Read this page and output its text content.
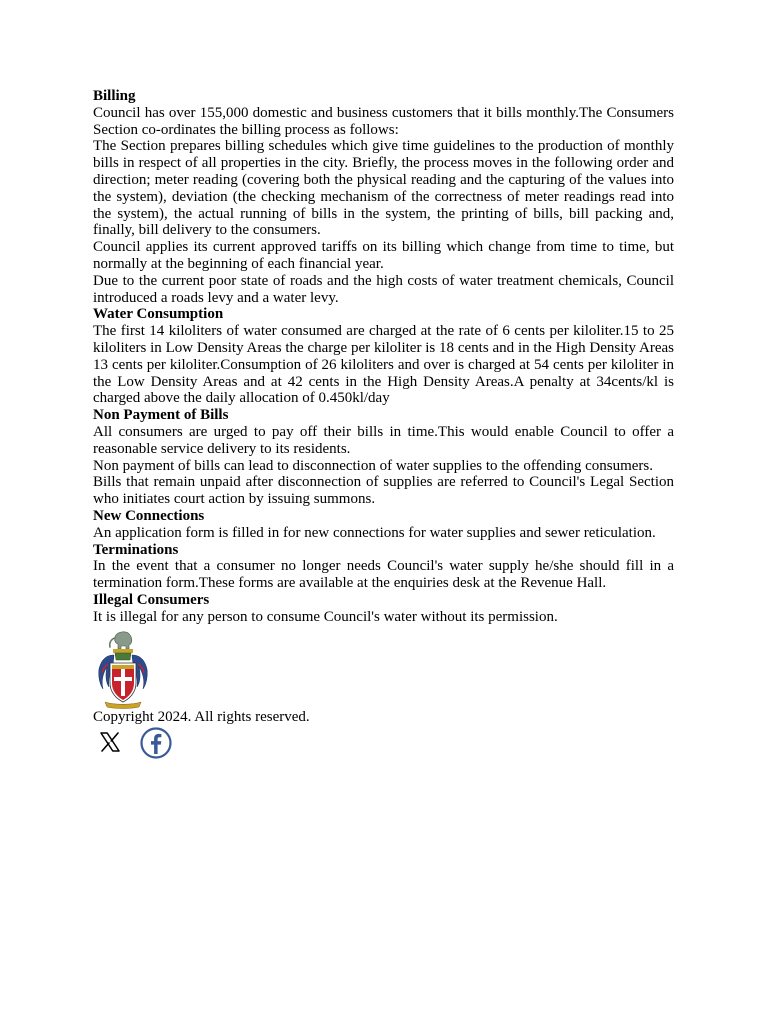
Billing
Council has over 155,000 domestic and business customers that it bills monthly.The Consumers Section co-ordinates the billing process as follows:
The Section prepares billing schedules which give time guidelines to the production of monthly bills in respect of all properties in the city. Briefly, the process moves in the following order and direction; meter reading (covering both the physical reading and the capturing of the values into the system), deviation (the checking mechanism of the correctness of meter readings read into the system), the actual running of bills in the system, the printing of bills, bill packing and, finally, bill delivery to the consumers.
Council applies its current approved tariffs on its billing which change from time to time, but normally at the beginning of each financial year.
Due to the current poor state of roads and the high costs of water treatment chemicals, Council introduced a roads levy and a water levy.
Water Consumption
The first 14 kiloliters of water consumed are charged at the rate of 6 cents per kiloliter.15 to 25 kiloliters in Low Density Areas the charge per kiloliter is 18 cents and in the High Density Areas 13 cents per kiloliter.Consumption of 26 kiloliters and over is charged at 54 cents per kiloliter in the Low Density Areas and at 42 cents in the High Density Areas.A penalty at 34cents/kl is charged above the daily allocation of 0.450kl/day
Non Payment of Bills
All consumers are urged to pay off their bills in time.This would enable Council to offer a reasonable service delivery to its residents.
Non payment of bills can lead to disconnection of water supplies to the offending consumers.
Bills that remain unpaid after disconnection of supplies are referred to Council's Legal Section who initiates court action by issuing summons.
New Connections
An application form is filled in for new connections for water supplies and sewer reticulation.
Terminations
In the event that a consumer no longer needs Council's water supply he/she should fill in a termination form.These forms are available at the enquiries desk at the Revenue Hall.
Illegal Consumers
It is illegal for any person to consume Council's water without its permission.
Copyright 2024. All rights reserved.
